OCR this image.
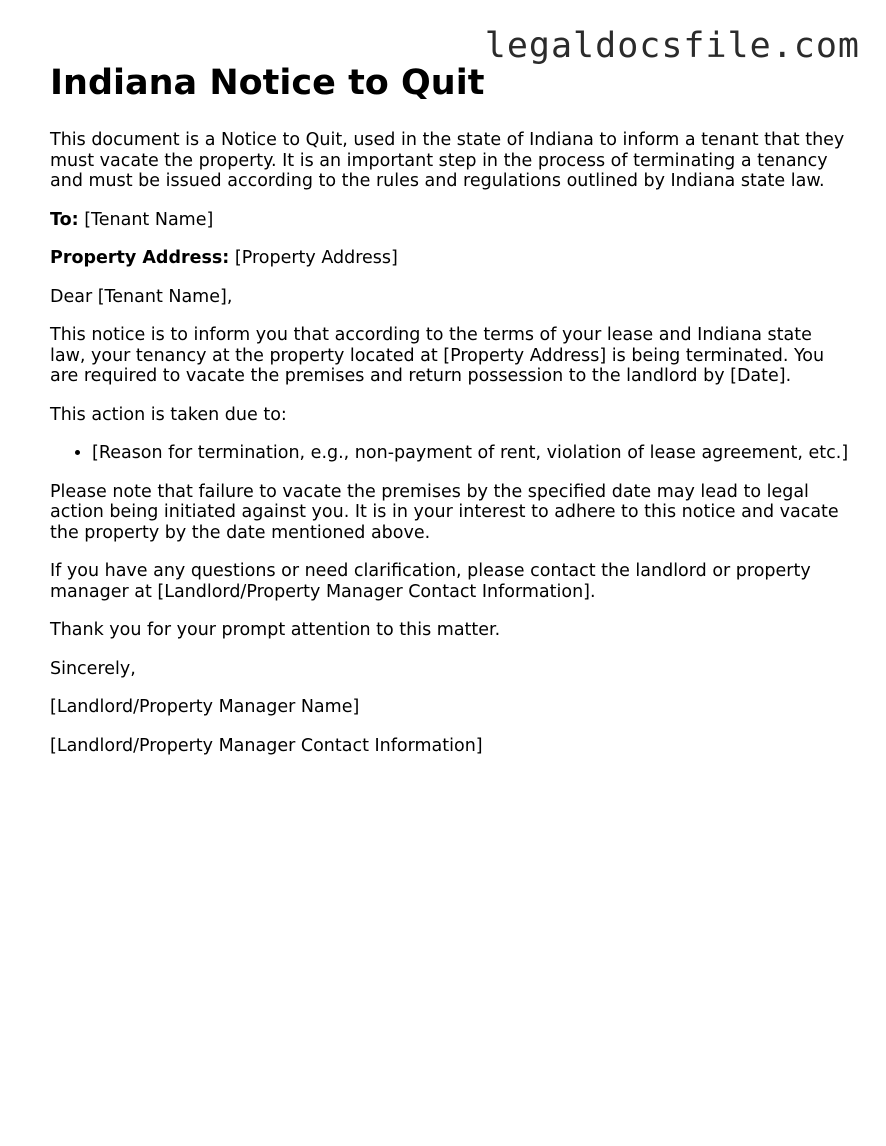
legaldocsfile.com
Indiana Notice to Quit

This document is a Notice to Quit, used in the state of Indiana to inform a tenant that they must vacate the property. It is an important step in the process of terminating a tenancy and must be issued according to the rules and regulations outlined by Indiana state law.

To: [Tenant Name]

Property Address: [Property Address]

Dear [Tenant Name],

This notice is to inform you that according to the terms of your lease and Indiana state law, your tenancy at the property located at [Property Address] is being terminated. You are required to vacate the premises and return possession to the landlord by [Date].

This action is taken due to:

• [Reason for termination, e.g., non-payment of rent, violation of lease agreement, etc.]

Please note that failure to vacate the premises by the specified date may lead to legal action being initiated against you. It is in your interest to adhere to this notice and vacate the property by the date mentioned above.

If you have any questions or need clarification, please contact the landlord or property manager at [Landlord/Property Manager Contact Information].

Thank you for your prompt attention to this matter.

Sincerely,

[Landlord/Property Manager Name]

[Landlord/Property Manager Contact Information]
